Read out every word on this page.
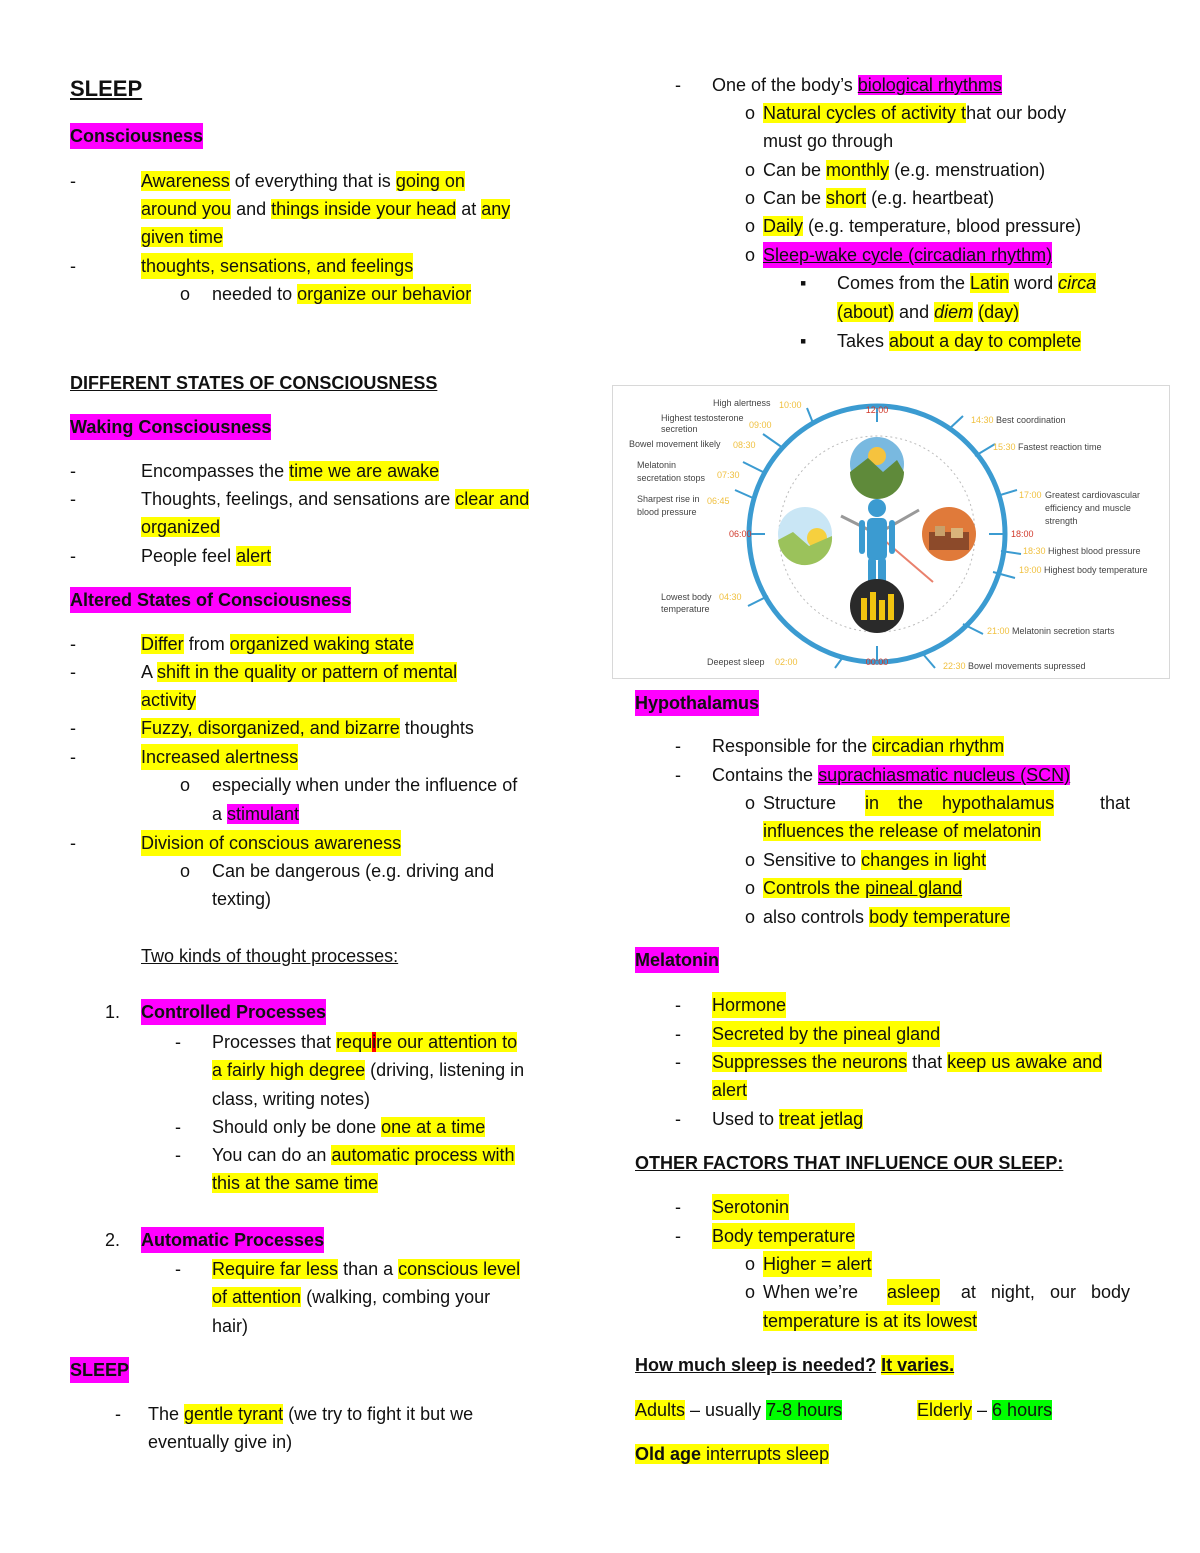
SLEEP
Consciousness
-	Awareness of everything that is going on
around you and things inside your head at any
given time
-	thoughts, sensations, and feelings
o needed to organize our behavior
DIFFERENT STATES OF CONSCIOUSNESS
Waking Consciousness
-	Encompasses the time we are awake
-	Thoughts, feelings, and sensations are clear and
organized
-	People feel alert
Altered States of Consciousness
-	Differ from organized waking state
-	A shift in the quality or pattern of mental
activity
-	Fuzzy, disorganized, and bizarre thoughts
-	Increased alertness
o especially when under the influence of
a stimulant
-	Division of conscious awareness
o Can be dangerous (e.g. driving and
texting)
Two kinds of thought processes:
1. Controlled Processes
- Processes that require our attention to
a fairly high degree (driving, listening in
class, writing notes)
- Should only be done one at a time
- You can do an automatic process with
this at the same time
2. Automatic Processes
- Require far less than a conscious level
of attention (walking, combing your
hair)
SLEEP
- The gentle tyrant (we try to fight it but we
eventually give in)
- One of the body’s biological rhythms
o Natural cycles of activity that our body
must go through
o Can be monthly (e.g. menstruation)
o Can be short (e.g. heartbeat)
o Daily (e.g. temperature, blood pressure)
o Sleep-wake cycle (circadian rhythm)
▪ Comes from the Latin word circa
(about) and diem (day)
▪ Takes about a day to complete
Hypothalamus
- Responsible for the circadian rhythm
- Contains the suprachiasmatic nucleus (SCN)
o Structure in the hypothalamus	that
influences the release of melatonin
o Sensitive to changes in light
o Controls the pineal gland
o also controls body temperature
Melatonin
- Hormone
- Secreted by the pineal gland
- Suppresses the neurons that keep us awake and
alert
- Used to treat jetlag
OTHER FACTORS THAT INFLUENCE OUR SLEEP:
- Serotonin
- Body temperature
o Higher = alert
o When we’re asleep at night, our body
temperature is at its lowest
How much sleep is needed? It varies.
Adults – usually 7-8 hours	Elderly – 6 hours
Old age interrupts sleep
12:00
18:00
00:00
06:00
High alertness 10:00
Highest testosterone
secretion	09:00
Bowel movement likely 08:30
Melatonin
secretation stops 07:30
Sharpest rise in
blood pressure
06:45
Lowest body
temperature
04:30
Deepest sleep 02:00
14:30 Best coordination
15:30 Fastest reaction time
17:00 Greatest cardiovascular
efficiency and muscle
strength
18:30 Highest blood pressure
19:00 Highest body temperature
21:00 Melatonin secretion starts
22:30 Bowel movements supressed
